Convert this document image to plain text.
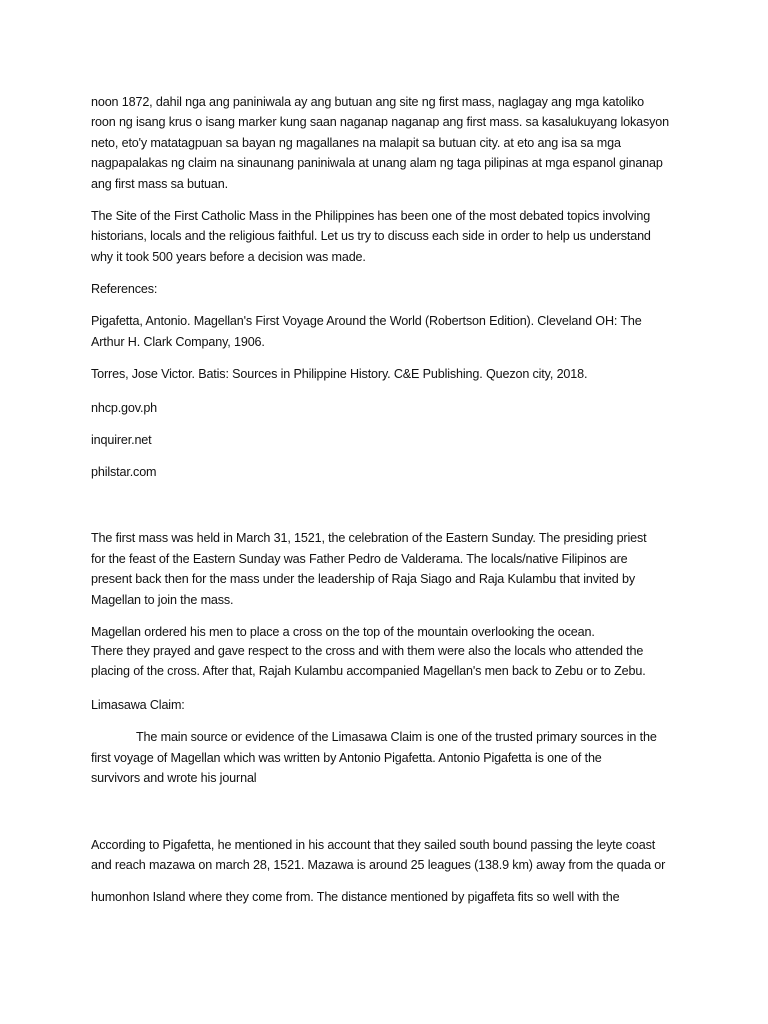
noon 1872, dahil nga ang paniniwala ay ang butuan ang site ng first mass, naglagay ang mga katoliko
roon ng isang krus o isang marker kung saan naganap naganap ang first mass. sa kasalukuyang lokasyon
neto, eto'y matatagpuan sa bayan ng magallanes na malapit sa butuan city. at eto ang isa sa mga
nagpapalakas ng claim na sinaunang paniniwala at unang alam ng taga pilipinas at mga espanol ginanap
ang first mass sa butuan.
The Site of the First Catholic Mass in the Philippines has been one of the most debated topics involving
historians, locals and the religious faithful. Let us try to discuss each side in order to help us understand
why it took 500 years before a decision was made.
References:
Pigafetta, Antonio. Magellan's First Voyage Around the World (Robertson Edition). Cleveland OH: The
Arthur H. Clark Company, 1906.
Torres, Jose Victor. Batis: Sources in Philippine History. C&E Publishing. Quezon city, 2018.
nhcp.gov.ph
inquirer.net
philstar.com
The first mass was held in March 31, 1521, the celebration of the Eastern Sunday. The presiding priest
for the feast of the Eastern Sunday was Father Pedro de Valderama. The locals/native Filipinos are
present back then for the mass under the leadership of Raja Siago and Raja Kulambu that invited by
Magellan to join the mass.
Magellan ordered his men to place a cross on the top of the mountain overlooking the ocean.
There they prayed and gave respect to the cross and with them were also the locals who attended the
placing of the cross. After that, Rajah Kulambu accompanied Magellan's men back to Zebu or to Zebu.
Limasawa Claim:
The main source or evidence of the Limasawa Claim is one of the trusted primary sources in the
first voyage of Magellan which was written by Antonio Pigafetta. Antonio Pigafetta is one of the
survivors and wrote his journal
According to Pigafetta, he mentioned in his account that they sailed south bound passing the leyte coast
and reach mazawa on march 28, 1521. Mazawa is around 25 leagues (138.9 km) away from the quada or
humonhon Island where they come from. The distance mentioned by pigaffeta fits so well with the
